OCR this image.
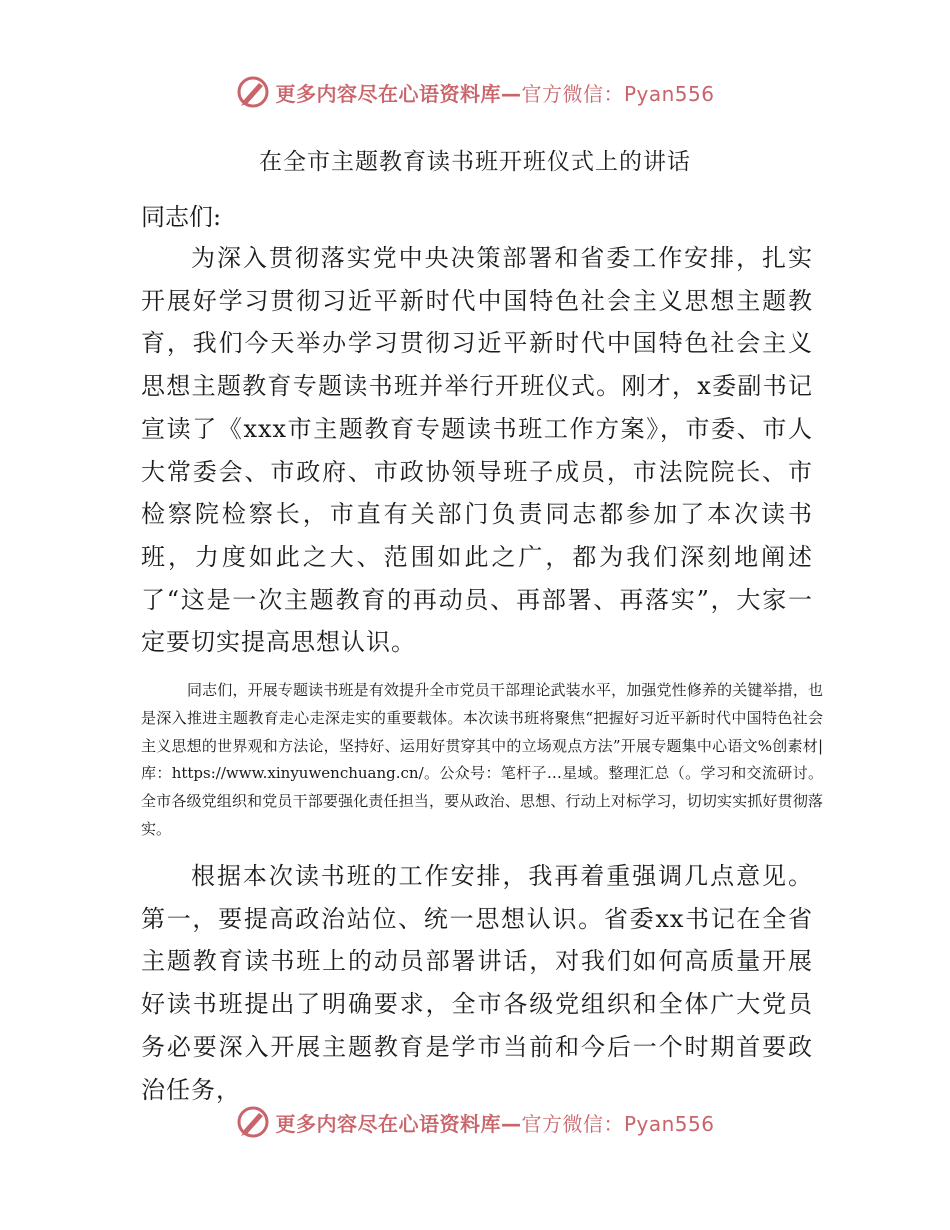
更多内容尽在心语资料库—官方微信：Pyan556
在全市主题教育读书班开班仪式上的讲话
同志们:

为深入贯彻落实党中央决策部署和省委工作安排，扎实开展好学习贯彻习近平新时代中国特色社会主义思想主题教育，我们今天举办学习贯彻习近平新时代中国特色社会主义思想主题教育专题读书班并举行开班仪式。刚才，x委副书记宣读了《xxx市主题教育专题读书班工作方案》，市委、市人大常委会、市政府、市政协领导班子成员，市法院院长、市检察院检察长，市直有关部门负责同志都参加了本次读书班，力度如此之大、范围如此之广，都为我们深刻地阐述了“这是一次主题教育的再动员、再部署、再落实”，大家一定要切实提高思想认识。

同志们，开展专题读书班是有效提升全市党员干部理论武装水平，加强党性修养的关键举措，也是深入推进主题教育走心走深走实的重要载体。本次读书班将聚焦“把握好习近平新时代中国特色社会主义思想的世界观和方法论，坚持好、运用好贯穿其中的立场观点方法”开展专题集中心语文%创素材|库：https://www.xinyuwenchuang.cn/。公众号：笔杆子…星域。整理汇总（。学习和交流研讨。全市各级党组织和党员干部要强化责任担当，要从政治、思想、行动上对标学习，切切实实抓好贯彻落实。

根据本次读书班的工作安排，我再着重强调几点意见。第一，要提高政治站位、统一思想认识。省委xx书记在全省主题教育读书班上的动员部署讲话，对我们如何高质量开展好读书班提出了明确要求，全市各级党组织和全体广大党员务必要深入开展主题教育是学市当前和今后一个时期首要政治任务，

更多内容尽在心语资料库—官方微信：Pyan556
